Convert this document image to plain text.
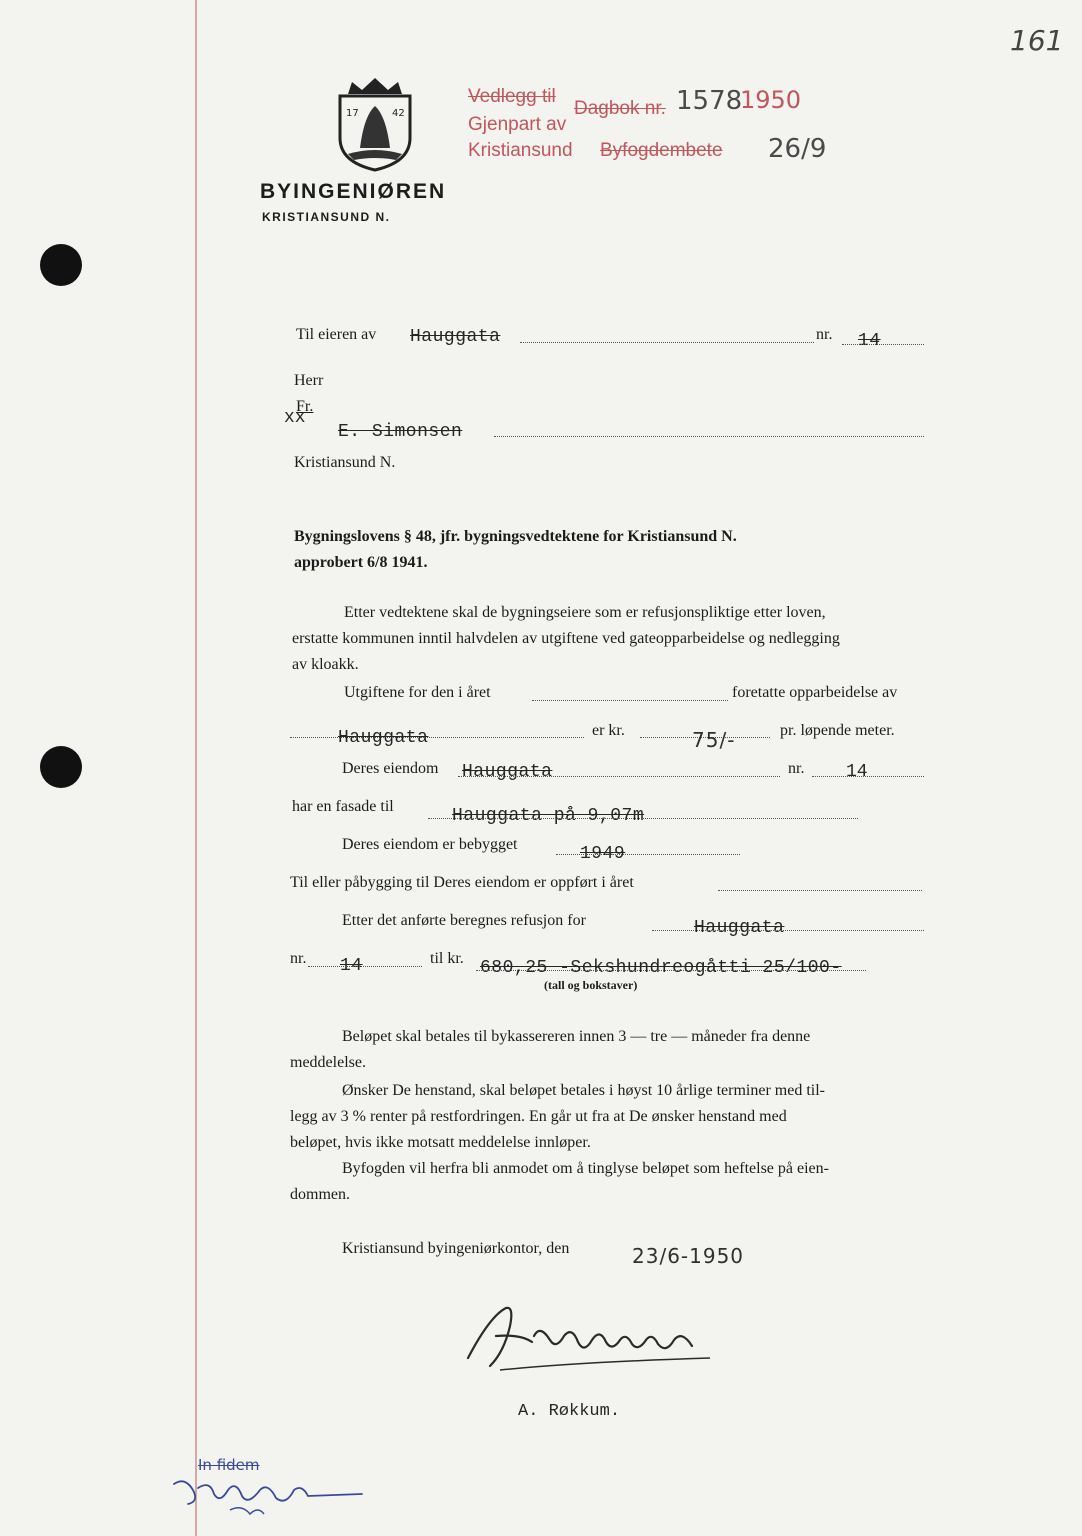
161
Vedlegg til
Dagbok nr. 1578
1950
Gjenpart av
Kristiansund Byfogdembete 26/9
17	42
BYINGENIØREN
KRISTIANSUND N.
Til eieren av Hauggata	nr. 14
Herr
Fr.
xx
E. Simonsen
Kristiansund N.
Bygningslovens § 48, jfr. bygningsvedtektene for Kristiansund N.
approbert 6/8 1941.
Etter vedtektene skal de bygningseiere som er refusjonspliktige etter loven,
erstatte kommunen inntil halvdelen av utgiftene ved gateopparbeidelse og nedlegging
av kloakk.
Utgiftene for den i året	foretatte opparbeidelse av
Hauggata	er kr.	75/-	pr. løpende meter.
Deres eiendom Hauggata	nr. 14
har en fasade til	Hauggata på 9,07m
Deres eiendom er bebygget	1949
Til eller påbygging til Deres eiendom er oppført i året
Etter det anførte beregnes refusjon for	Hauggata
nr. 14	til kr. 680,25 -Sekshundreogåtti 25/100-
(tall og bokstaver)
Beløpet skal betales til bykassereren innen 3 — tre — måneder fra denne
meddelelse.
Ønsker De henstand, skal beløpet betales i høyst 10 årlige terminer med til-
legg av 3 % renter på restfordringen. En går ut fra at De ønsker henstand med
beløpet, hvis ikke motsatt meddelelse innløper.
Byfogden vil herfra bli anmodet om å tinglyse beløpet som heftelse på eien-
dommen.
Kristiansund byingeniørkontor, den	23/6-1950
A. Røkkum.
In fidem
